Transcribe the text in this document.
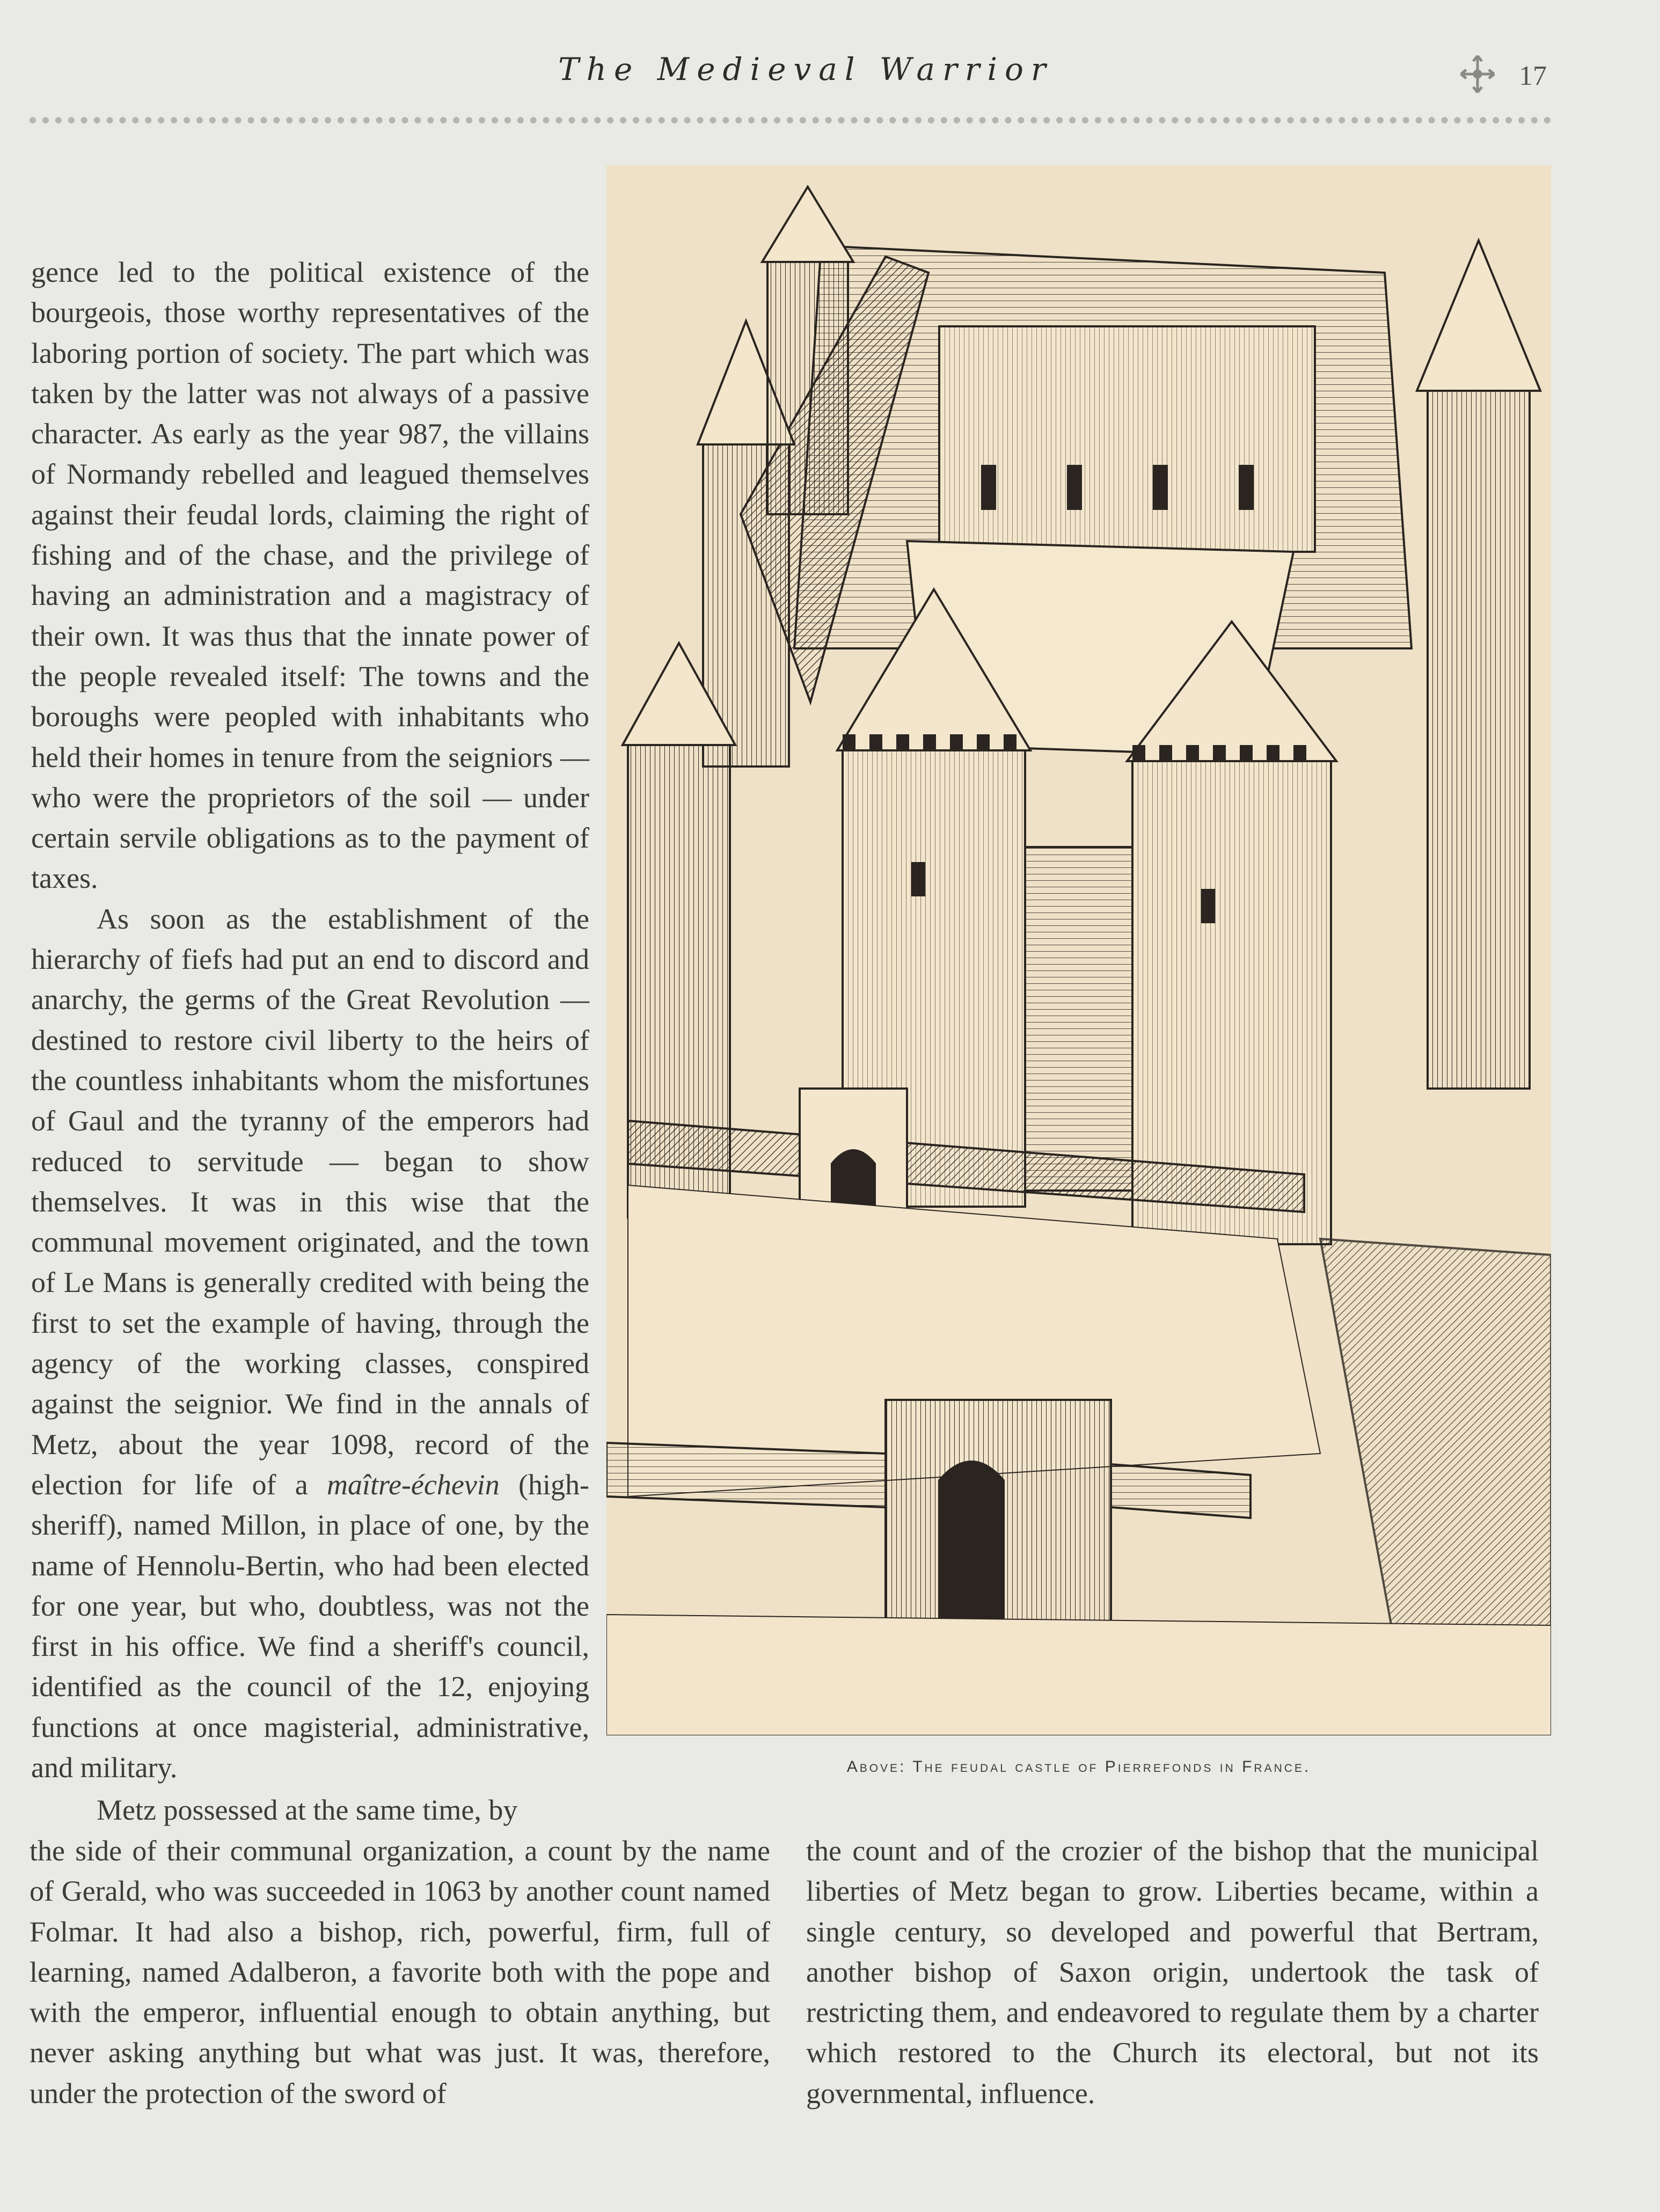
The Medieval Warrior	17

gence led to the political existence of the bourgeois, those worthy representatives of the laboring portion of society. The part which was taken by the latter was not always of a passive character. As early as the year 987, the villains of Normandy rebelled and leagued themselves against their feudal lords, claiming the right of fishing and of the chase, and the privilege of having an administration and a magistracy of their own. It was thus that the innate power of the people revealed itself: The towns and the boroughs were peopled with inhabitants who held their homes in tenure from the seigniors — who were the proprietors of the soil — under certain servile obligations as to the payment of taxes.

As soon as the establishment of the hierarchy of fiefs had put an end to discord and anarchy, the germs of the Great Revolution — destined to restore civil liberty to the heirs of the countless inhabitants whom the misfortunes of Gaul and the tyranny of the emperors had reduced to servitude — began to show themselves. It was in this wise that the communal movement originated, and the town of Le Mans is generally credited with being the first to set the example of having, through the agency of the working classes, conspired against the seignior. We find in the annals of Metz, about the year 1098, record of the election for life of a maître-échevin (high-sheriff), named Millon, in place of one, by the name of Hennolu-Bertin, who had been elected for one year, but who, doubtless, was not the first in his office. We find a sheriff's council, identified as the council of the 12, enjoying functions at once magisterial, administrative, and military.	Above: The feudal castle of Pierrefonds in France.

Metz possessed at the same time, by

the side of their communal organization, a count by the name of Gerald, who was succeeded in 1063 by another count named Folmar. It had also a bishop, rich, powerful, firm, full of learning, named Adalberon, a favorite both with the pope and with the emperor, influential enough to obtain anything, but never asking anything but what was just. It was, therefore, under the protection of the sword of

the count and of the crozier of the bishop that the municipal liberties of Metz began to grow. Liberties became, within a single century, so developed and powerful that Bertram, another bishop of Saxon origin, undertook the task of restricting them, and endeavored to regulate them by a charter which restored to the Church its electoral, but not its governmental, influence.
